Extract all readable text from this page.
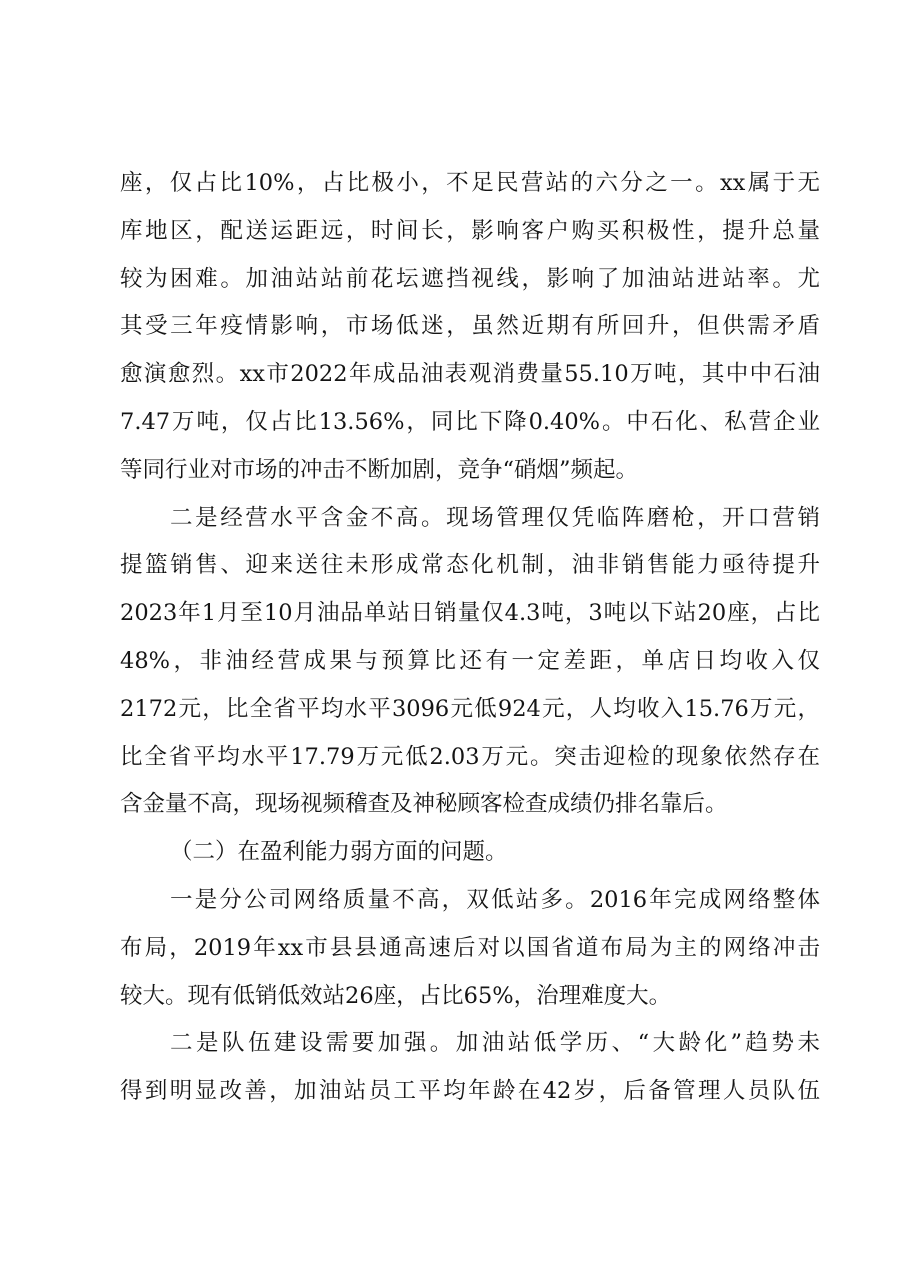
座，仅占比10%，占比极小，不足民营站的六分之一。xx属于无
库地区，配送运距远，时间长，影响客户购买积极性，提升总量
较为困难。加油站站前花坛遮挡视线，影响了加油站进站率。尤
其受三年疫情影响，市场低迷，虽然近期有所回升，但供需矛盾
愈演愈烈。xx市2022年成品油表观消费量55.10万吨，其中中石油
7.47万吨，仅占比13.56%，同比下降0.40%。中石化、私营企业
等同行业对市场的冲击不断加剧，竞争“硝烟”频起。
二是经营水平含金不高。现场管理仅凭临阵磨枪，开口营销
提篮销售、迎来送往未形成常态化机制，油非销售能力亟待提升
2023年1月至10月油品单站日销量仅4.3吨，3吨以下站20座，占比
48%，非油经营成果与预算比还有一定差距，单店日均收入仅
2172元，比全省平均水平3096元低924元，人均收入15.76万元，
比全省平均水平17.79万元低2.03万元。突击迎检的现象依然存在
含金量不高，现场视频稽查及神秘顾客检查成绩仍排名靠后。
（二）在盈利能力弱方面的问题。
一是分公司网络质量不高，双低站多。2016年完成网络整体
布局，2019年xx市县县通高速后对以国省道布局为主的网络冲击
较大。现有低销低效站26座，占比65%，治理难度大。
二是队伍建设需要加强。加油站低学历、“大龄化”趋势未
得到明显改善，加油站员工平均年龄在42岁，后备管理人员队伍
